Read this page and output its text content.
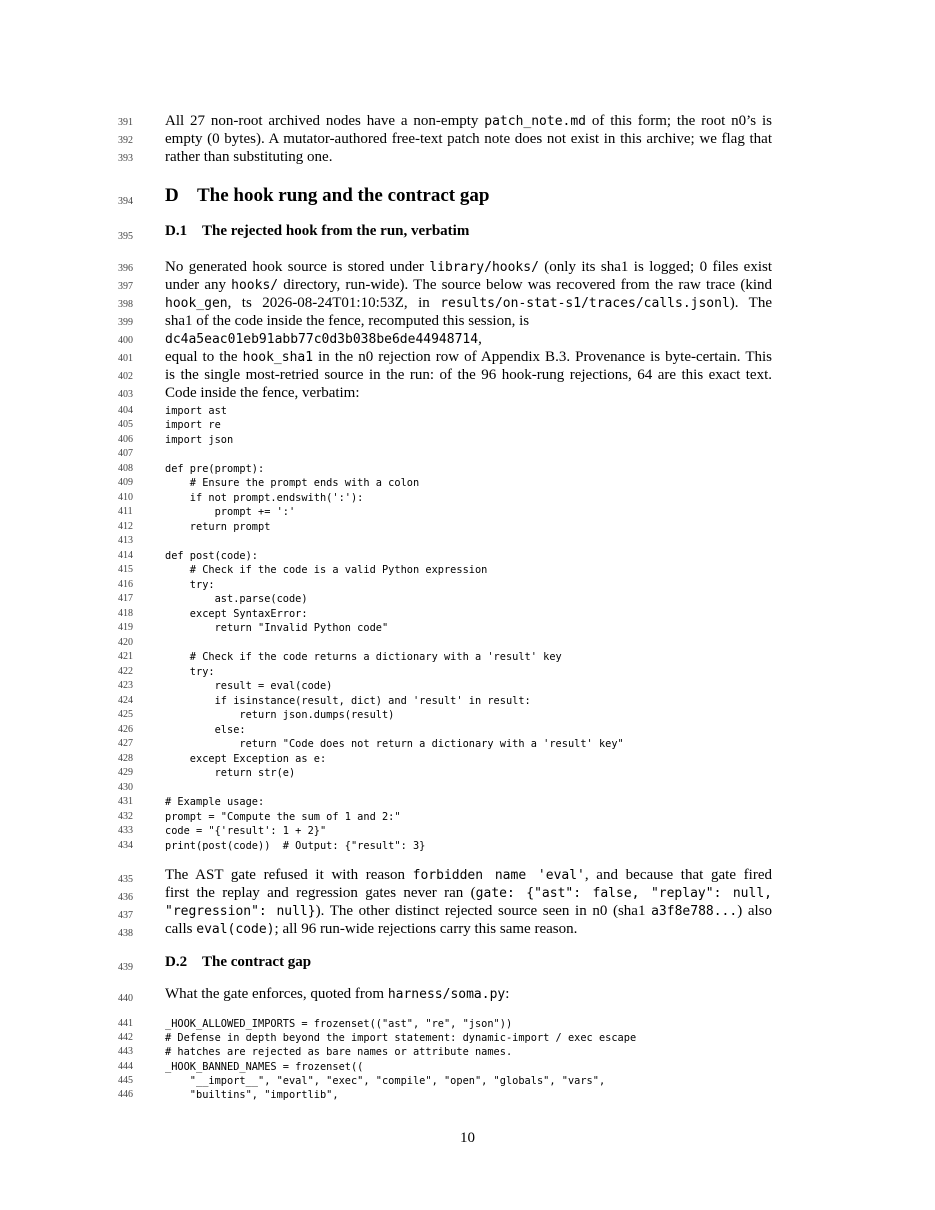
391	All 27 non-root archived nodes have a non-empty patch_note.md of this form; the root n0’s is
392	empty (0 bytes). A mutator-authored free-text patch note does not exist in this archive; we flag that
393	rather than substituting one.
394	D The hook rung and the contract gap
395	D.1 The rejected hook from the run, verbatim
396	No generated hook source is stored under library/hooks/ (only its sha1 is logged; 0 files exist
397	under any hooks/ directory, run-wide). The source below was recovered from the raw trace (kind
398	hook_gen, ts 2026-08-24T01:10:53Z, in results/on-stat-s1/traces/calls.jsonl). The
399	sha1 of the code inside the fence, recomputed this session, is
400	dc4a5eac01eb91abb77c0d3b038be6de44948714,
401	equal to the hook_sha1 in the n0 rejection row of Appendix B.3. Provenance is byte-certain. This
402	is the single most-retried source in the run: of the 96 hook-rung rejections, 64 are this exact text.
403	Code inside the fence, verbatim:
404	import ast
405	import re
406	import json
407
408	def pre(prompt):
409	# Ensure the prompt ends with a colon
410	if not prompt.endswith(':'):
411	prompt += ':'
412	return prompt
413
414	def post(code):
415	# Check if the code is a valid Python expression
416	try:
417	ast.parse(code)
418	except SyntaxError:
419	return "Invalid Python code"
420
421	# Check if the code returns a dictionary with a 'result' key
422	try:
423	result = eval(code)
424	if isinstance(result, dict) and 'result' in result:
425	return json.dumps(result)
426	else:
427	return "Code does not return a dictionary with a 'result' key"
428	except Exception as e:
429	return str(e)
430
431	# Example usage:
432	prompt = "Compute the sum of 1 and 2:"
433	code = "{'result': 1 + 2}"
434	print(post(code))  # Output: {"result": 3}
435	The AST gate refused it with reason forbidden name 'eval', and because that gate fired
436	first the replay and regression gates never ran (gate: {"ast": false, "replay": null,
437	"regression": null}). The other distinct rejected source seen in n0 (sha1 a3f8e788...) also
438	calls eval(code); all 96 run-wide rejections carry this same reason.
439	D.2 The contract gap
440	What the gate enforces, quoted from harness/soma.py:
441	_HOOK_ALLOWED_IMPORTS = frozenset(("ast", "re", "json"))
442	# Defense in depth beyond the import statement: dynamic-import / exec escape
443	# hatches are rejected as bare names or attribute names.
444	_HOOK_BANNED_NAMES = frozenset((
445	"__import__", "eval", "exec", "compile", "open", "globals", "vars",
446	"builtins", "importlib",
10
